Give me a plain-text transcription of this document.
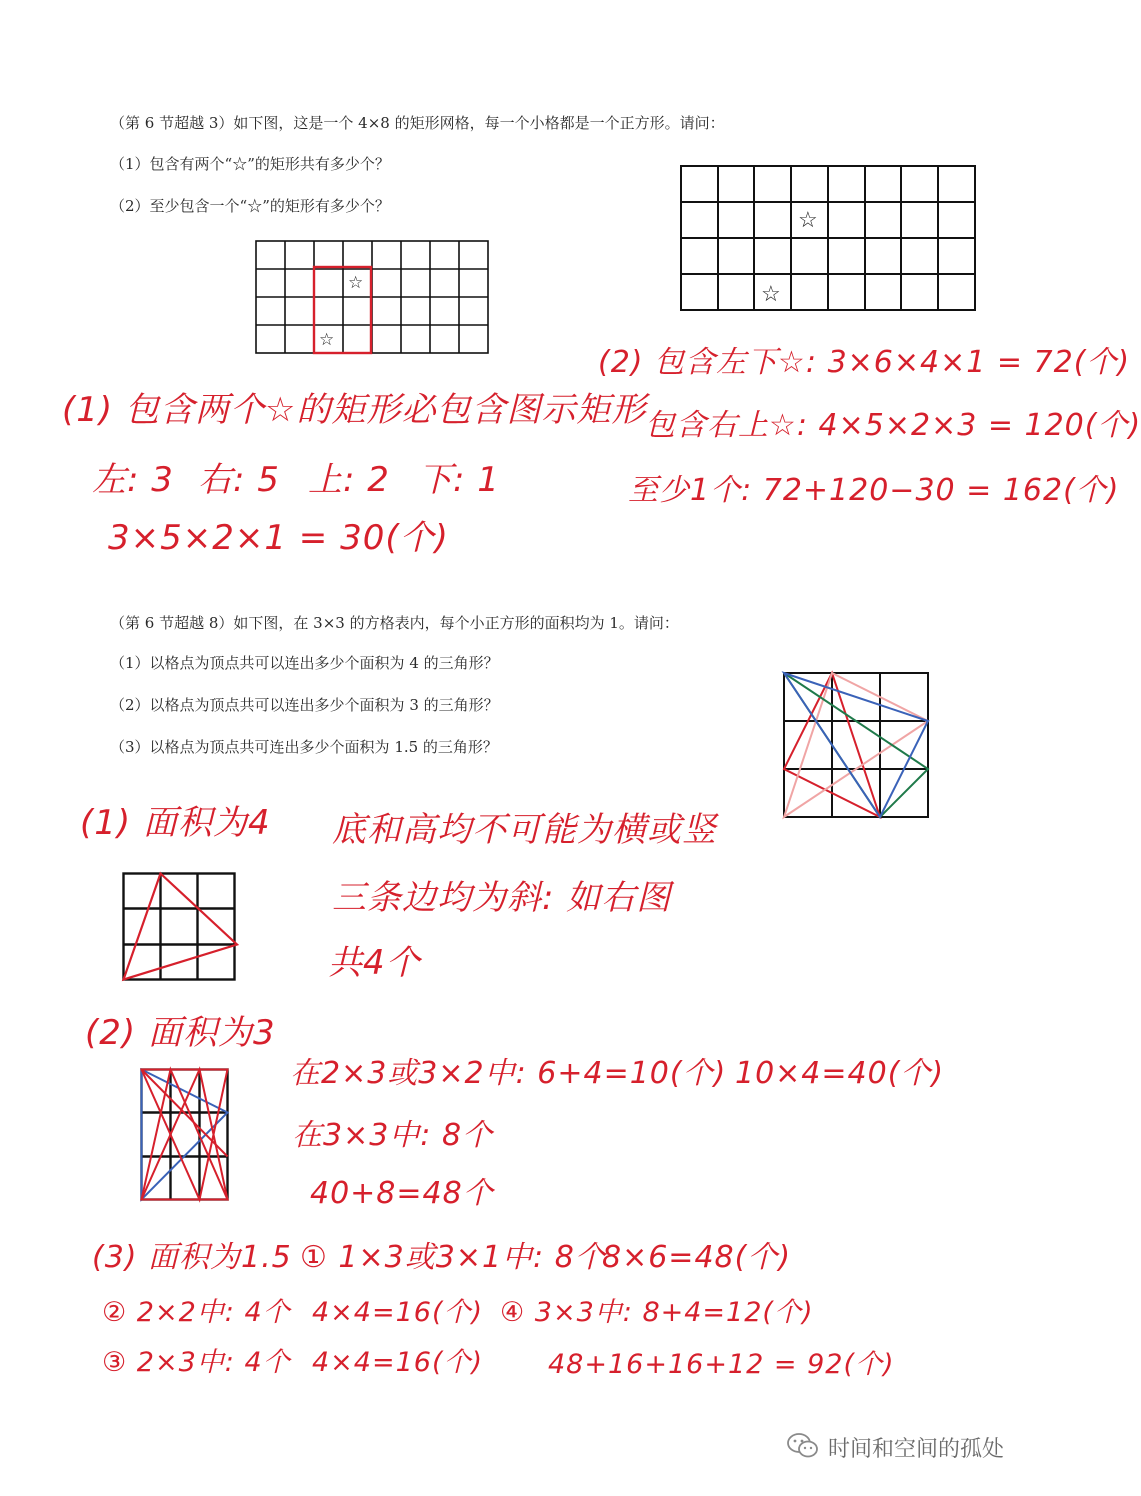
（第 6 节超越 3）如下图，这是一个 4×8 的矩形网格，每一个小格都是一个正方形。请问：
（1）包含有两个“☆”的矩形共有多少个？
（2）至少包含一个“☆”的矩形有多少个？
☆
☆
☆
☆
(1) 包含两个☆的矩形必包含图示矩形
左: 3 右: 5 上: 2 下: 1
3×5×2×1 = 30(个)
(2) 包含左下☆: 3×6×4×1 = 72(个)
包含右上☆: 4×5×2×3 = 120(个)
至少1个: 72+120−30 = 162(个)
（第 6 节超越 8）如下图，在 3×3 的方格表内，每个小正方形的面积均为 1。请问：
（1）以格点为顶点共可以连出多少个面积为 4 的三角形？
（2）以格点为顶点共可以连出多少个面积为 3 的三角形？
（3）以格点为顶点共可连出多少个面积为 1.5 的三角形？
(1) 面积为4 底和高均不可能为横或竖
三条边均为斜: 如右图
共4个
(2) 面积为3
在2×3或3×2中: 6+4=10(个) 10×4=40(个)
在3×3中: 8个
40+8=48个
(3) 面积为1.5 ① 1×3或3×1中: 8个
8×6=48(个)
② 2×2中: 4个 4×4=16(个) ④ 3×3中: 8+4=12(个)
③ 2×3中: 4个 4×4=16(个) 48+16+16+12 = 92(个)
时间和空间的孤处
